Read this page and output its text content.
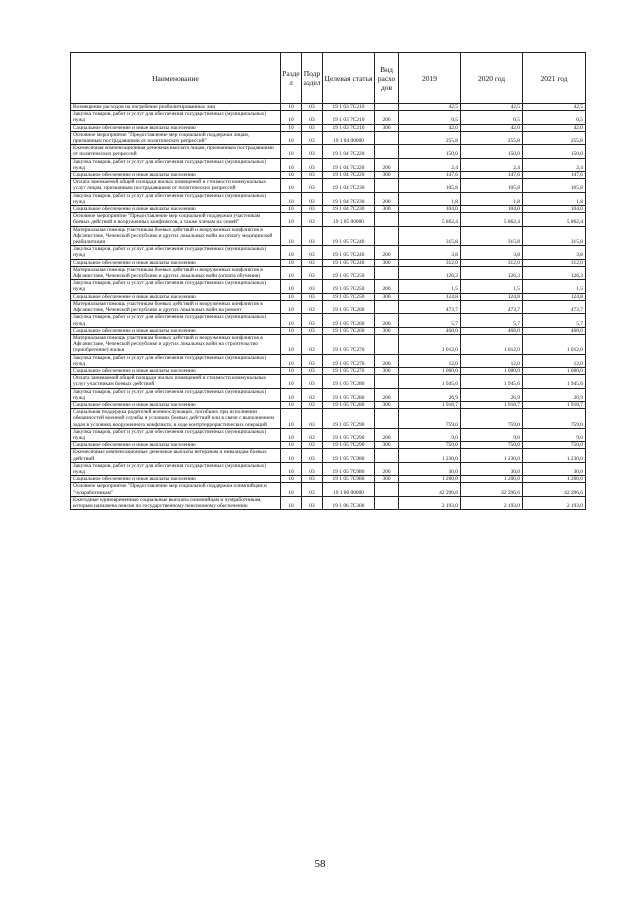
Наименование	Разде л	Подр аздел	Целевая статья	Вид расхо дов	2019	2020 год	2021 год
Возмещение расходов на погребение реабилитированных лиц	10	03	19 1 03 7С210		42,5	42,5	42,5
Закупка товаров, работ и услуг для обеспечения государственных (муниципальных) нужд	10	03	19 1 03 7С210	200	0,5	0,5	0,5
Социальное обеспечение и иные выплаты населению	10	03	19 1 03 7С210	300	42,0	42,0	42,0
Основное мероприятие "Предоставление мер социальной поддержки лицам, признанным пострадавшими от политических репрессий"	10	03	19 1 04 00000		255,8	255,8	255,8
Ежемесячная компенсационная денежная выплата лицам, признанным пострадавшими от политических репрессий	10	03	19 1 04 7С220		150,0	150,0	150,0
Закупка товаров, работ и услуг для обеспечения государственных (муниципальных) нужд	10	03	19 1 04 7С220	200	2,4	2,4	2,4
Социальное обеспечение и иные выплаты населению	10	03	19 1 04 7С220	300	147,6	147,6	147,6
Оплата занимаемой общей площади жилых помещений и стоимости коммунальных услуг лицам, признанным пострадавшими от политических репрессий	10	03	19 1 04 7С230		105,8	105,8	105,8
Закупка товаров, работ и услуг для обеспечения государственных (муниципальных) нужд	10	03	19 1 04 7С230	200	1,8	1,8	1,8
Социальное обеспечение и иные выплаты населению	10	03	19 1 04 7С230	300	104,0	104,0	104,0
Основное мероприятие "Предоставление мер социальной поддержки участникам боевых действий и вооруженных конфликтов, а также членам их семей"	10	03	19 1 05 00000		5 862,4	5 862,4	5 862,4
Материальная помощь участникам боевых действий и вооруженных конфликтов в Афганистане, Чеченской республике и других локальных войн на оплату медицинской реабилитации	10	03	19 1 05 7С240		315,8	315,8	315,8
Закупка товаров, работ и услуг для обеспечения государственных (муниципальных) нужд	10	03	19 1 05 7С240	200	3,8	3,8	3,8
Социальное обеспечение и иные выплаты населению	10	03	19 1 05 7С240	300	312,0	312,0	312,0
Материальная помощь участникам боевых действий и вооруженных конфликтов в Афганистане, Чеченской республике и других локальных войн (оплата обучения)	10	03	19 1 05 7С250		126,3	126,3	126,3
Закупка товаров, работ и услуг для обеспечения государственных (муниципальных) нужд	10	03	19 1 05 7С250	200	1,5	1,5	1,5
Социальное обеспечение и иные выплаты населению	10	03	19 1 05 7С250	300	124,8	124,8	124,8
Материальная помощь участникам боевых действий и вооруженных конфликтов в Афганистане, Чеченской республике и других локальных войн на ремонт	10	03	19 1 05 7С260		473,7	473,7	473,7
Закупка товаров, работ и услуг для обеспечения государственных (муниципальных) нужд	10	03	19 1 05 7С260	200	5,7	5,7	5,7
Социальное обеспечение и иные выплаты населению	10	03	19 1 05 7С260	300	468,0	468,0	468,0
Материальная помощь участникам боевых действий и вооруженных конфликтов в Афганистане, Чеченской республике и других локальных войн на строительство (приобретение) жилья	10	03	19 1 05 7С270		1 012,0	1 012,0	1 012,0
Закупка товаров, работ и услуг для обеспечения государственных (муниципальных) нужд	10	03	19 1 05 7С270	200	12,0	12,0	12,0
Социальное обеспечение и иные выплаты населению	10	03	19 1 05 7С270	300	1 000,0	1 000,0	1 000,0
Оплата занимаемой общей площади жилых помещений и стоимости коммунальных услуг участникам боевых действий	10	03	19 1 05 7С280		1 945,6	1 945,6	1 945,6
Закупка товаров, работ и услуг для обеспечения государственных (муниципальных) нужд	10	03	19 1 05 7С280	200	26,9	26,9	26,9
Социальное обеспечение и иные выплаты населению	10	03	19 1 05 7С280	300	1 918,7	1 918,7	1 918,7
Социальная поддержка родителей военнослужащих, погибших при исполнении обязанностей военной службы в условиях боевых действий или в связи с выполнением задач в условиях вооруженного конфликта, в ходе контртеррористических операций	10	03	19 1 05 7С290		759,0	759,0	759,0
Закупка товаров, работ и услуг для обеспечения государственных (муниципальных) нужд	10	03	19 1 05 7С290	200	9,0	9,0	9,0
Социальное обеспечение и иные выплаты населению	10	03	19 1 05 7С290	300	750,0	750,0	750,0
Ежемесячные компенсационные денежные выплаты ветеранам и инвалидам боевых действий	10	03	19 1 05 7С980		1 230,0	1 230,0	1 230,0
Закупка товаров, работ и услуг для обеспечения государственных (муниципальных) нужд	10	03	19 1 05 7С980	200	30,0	30,0	30,0
Социальное обеспечение и иные выплаты населению	10	03	19 1 05 7С980	300	1 200,0	1 200,0	1 200,0
Основное мероприятие "Предоставление мер социальной поддержки олимпийцам и "чумработникам"	10	03	19 1 06 00000		42 296,6	42 296,6	42 296,6
Ежегодные единовременные социальные выплаты олимпийцам и чумработникам, которым назначена пенсия по государственному пенсионному обеспечению	10	03	19 1 06 7С300		2 193,0	2 193,0	2 193,0
58
